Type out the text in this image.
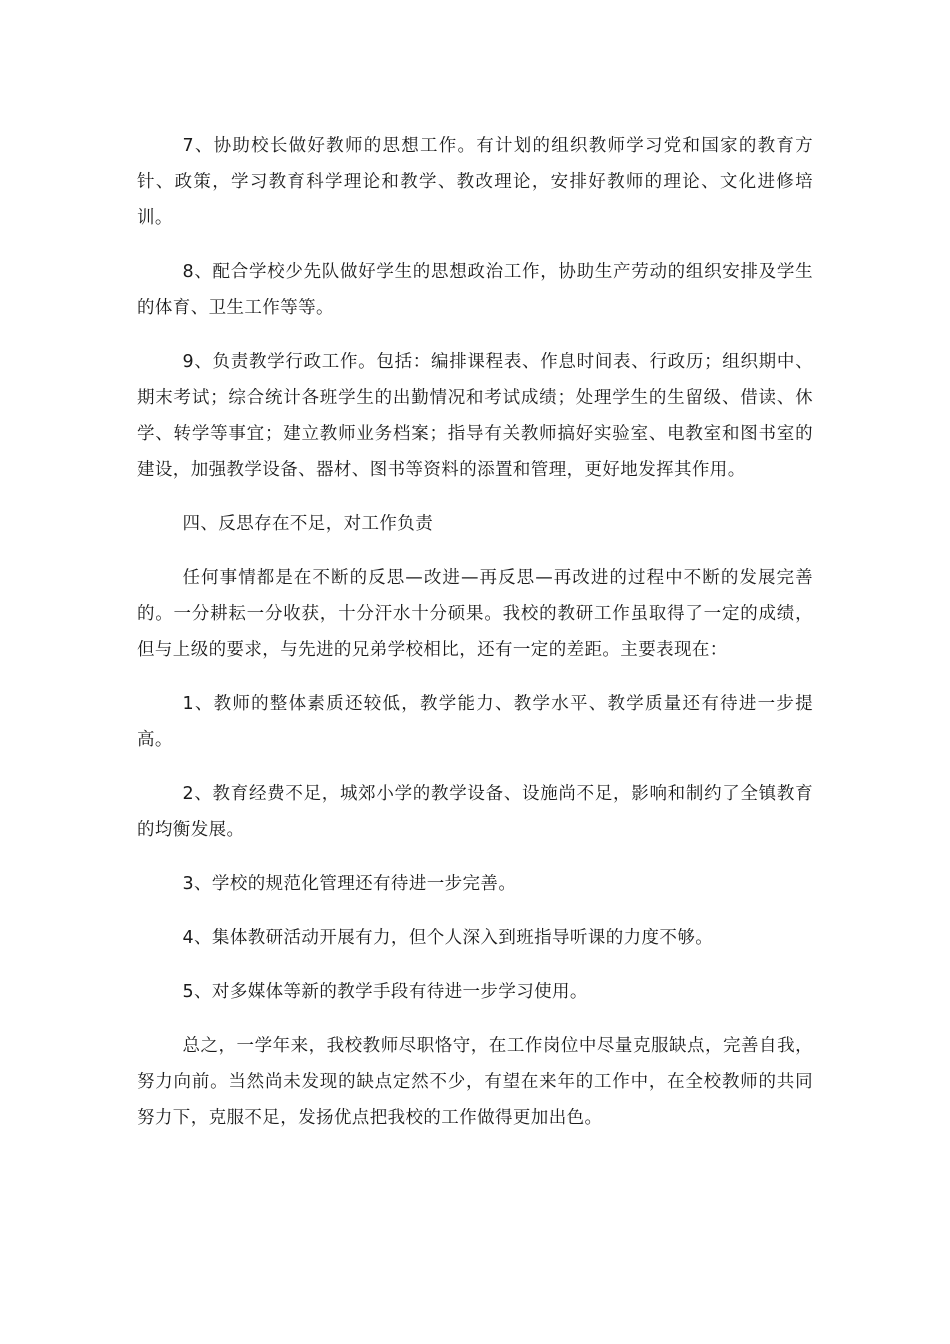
7、协助校长做好教师的思想工作。有计划的组织教师学习党和国家的教育方针、政策，学习教育科学理论和教学、教改理论，安排好教师的理论、文化进修培训。

8、配合学校少先队做好学生的思想政治工作，协助生产劳动的组织安排及学生的体育、卫生工作等等。

9、负责教学行政工作。包括：编排课程表、作息时间表、行政历；组织期中、期末考试；综合统计各班学生的出勤情况和考试成绩；处理学生的生留级、借读、休学、转学等事宜；建立教师业务档案；指导有关教师搞好实验室、电教室和图书室的建设，加强教学设备、器材、图书等资料的添置和管理，更好地发挥其作用。

四、反思存在不足，对工作负责

任何事情都是在不断的反思—改进—再反思—再改进的过程中不断的发展完善的。一分耕耘一分收获，十分汗水十分硕果。我校的教研工作虽取得了一定的成绩，但与上级的要求，与先进的兄弟学校相比，还有一定的差距。主要表现在：

1、教师的整体素质还较低，教学能力、教学水平、教学质量还有待进一步提高。

2、教育经费不足，城郊小学的教学设备、设施尚不足，影响和制约了全镇教育的均衡发展。

3、学校的规范化管理还有待进一步完善。

4、集体教研活动开展有力，但个人深入到班指导听课的力度不够。

5、对多媒体等新的教学手段有待进一步学习使用。

总之，一学年来，我校教师尽职恪守，在工作岗位中尽量克服缺点，完善自我，努力向前。当然尚未发现的缺点定然不少，有望在来年的工作中，在全校教师的共同努力下，克服不足，发扬优点把我校的工作做得更加出色。
